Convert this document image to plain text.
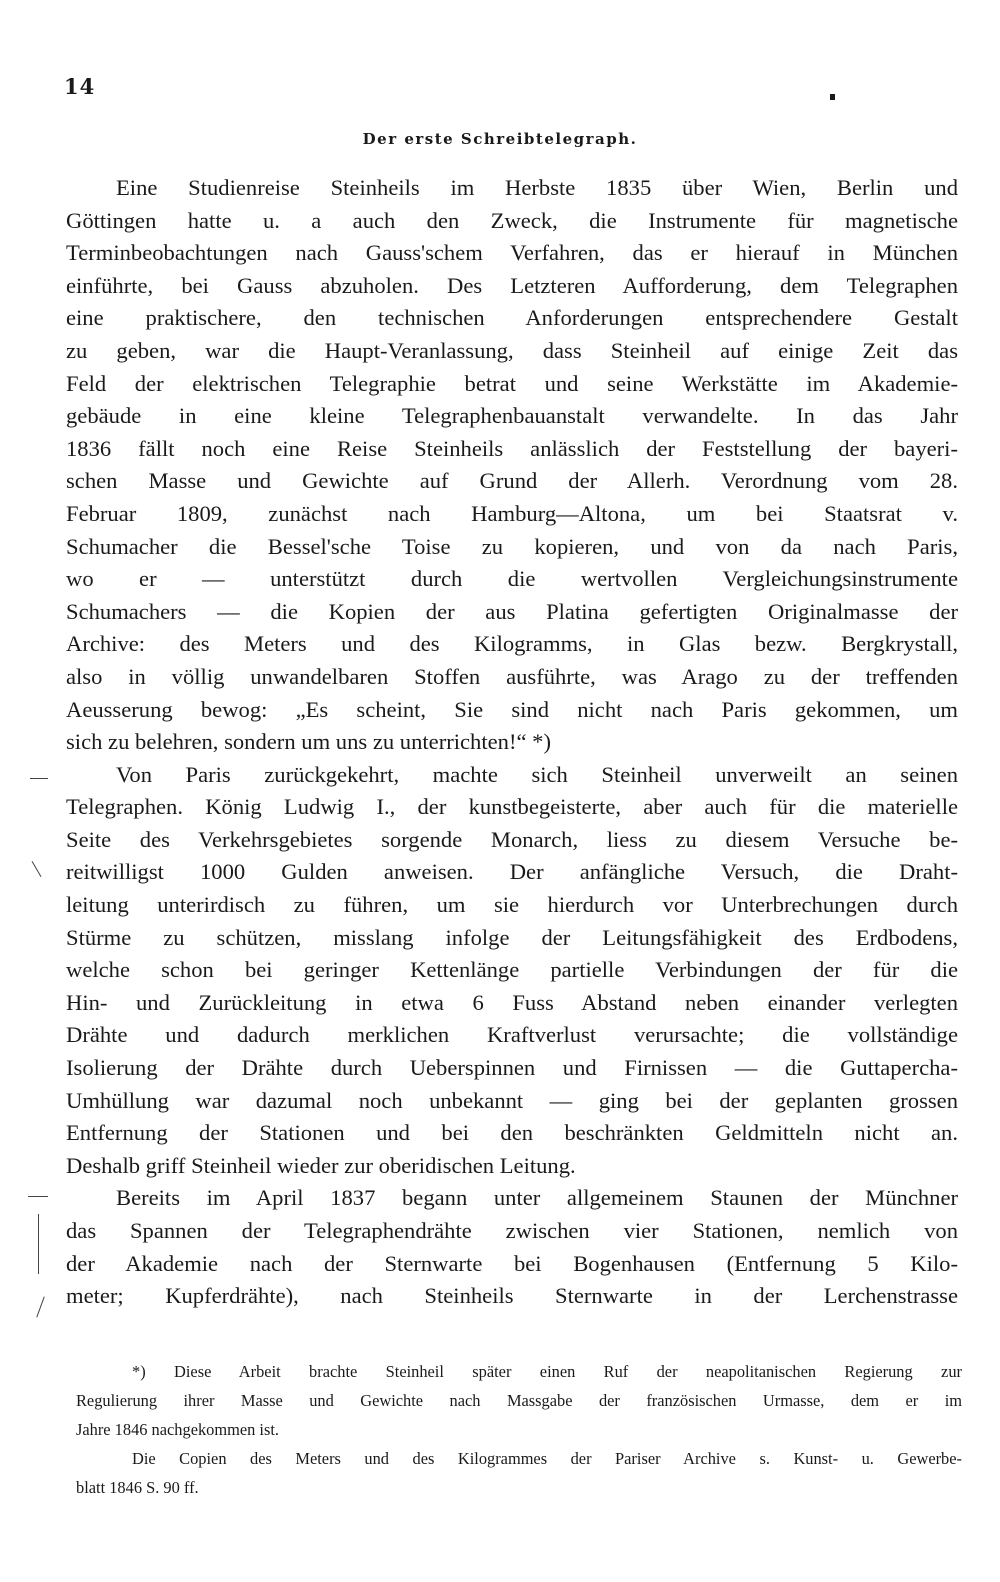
14
Der erste Schreibtelegraph.

Eine Studienreise Steinheils im Herbste 1835 über Wien, Berlin und
Göttingen hatte u. a auch den Zweck, die Instrumente für magnetische
Terminbeobachtungen nach Gauss'schem Verfahren, das er hierauf in München
einführte, bei Gauss abzuholen. Des Letzteren Aufforderung, dem Telegraphen
eine praktischere, den technischen Anforderungen entsprechendere Gestalt
zu geben, war die Haupt-Veranlassung, dass Steinheil auf einige Zeit das
Feld der elektrischen Telegraphie betrat und seine Werkstätte im Akademie-
gebäude in eine kleine Telegraphenbauanstalt verwandelte. In das Jahr
1836 fällt noch eine Reise Steinheils anlässlich der Feststellung der bayeri-
schen Masse und Gewichte auf Grund der Allerh. Verordnung vom 28.
Februar 1809, zunächst nach Hamburg—Altona, um bei Staatsrat v.
Schumacher die Bessel'sche Toise zu kopieren, und von da nach Paris,
wo er — unterstützt durch die wertvollen Vergleichungsinstrumente
Schumachers — die Kopien der aus Platina gefertigten Originalmasse der
Archive: des Meters und des Kilogramms, in Glas bezw. Bergkrystall,
also in völlig unwandelbaren Stoffen ausführte, was Arago zu der treffenden
Aeusserung bewog: „Es scheint, Sie sind nicht nach Paris gekommen, um
sich zu belehren, sondern um uns zu unterrichten!“ *)

Von Paris zurückgekehrt, machte sich Steinheil unverweilt an seinen
Telegraphen. König Ludwig I., der kunstbegeisterte, aber auch für die materielle
Seite des Verkehrsgebietes sorgende Monarch, liess zu diesem Versuche be-
reitwilligst 1000 Gulden anweisen. Der anfängliche Versuch, die Draht-
leitung unterirdisch zu führen, um sie hierdurch vor Unterbrechungen durch
Stürme zu schützen, misslang infolge der Leitungsfähigkeit des Erdbodens,
welche schon bei geringer Kettenlänge partielle Verbindungen der für die
Hin- und Zurückleitung in etwa 6 Fuss Abstand neben einander verlegten
Drähte und dadurch merklichen Kraftverlust verursachte; die vollständige
Isolierung der Drähte durch Ueberspinnen und Firnissen — die Guttapercha-
Umhüllung war dazumal noch unbekannt — ging bei der geplanten grossen
Entfernung der Stationen und bei den beschränkten Geldmitteln nicht an.
Deshalb griff Steinheil wieder zur oberidischen Leitung.

Bereits im April 1837 begann unter allgemeinem Staunen der Münchner
das Spannen der Telegraphendrähte zwischen vier Stationen, nemlich von
der Akademie nach der Sternwarte bei Bogenhausen (Entfernung 5 Kilo-
meter; Kupferdrähte), nach Steinheils Sternwarte in der Lerchenstrasse

*) Diese Arbeit brachte Steinheil später einen Ruf der neapolitanischen Regierung zur
Regulierung ihrer Masse und Gewichte nach Massgabe der französischen Urmasse, dem er im
Jahre 1846 nachgekommen ist.
Die Copien des Meters und des Kilogrammes der Pariser Archive s. Kunst- u. Gewerbe-
blatt 1846 S. 90 ff.
